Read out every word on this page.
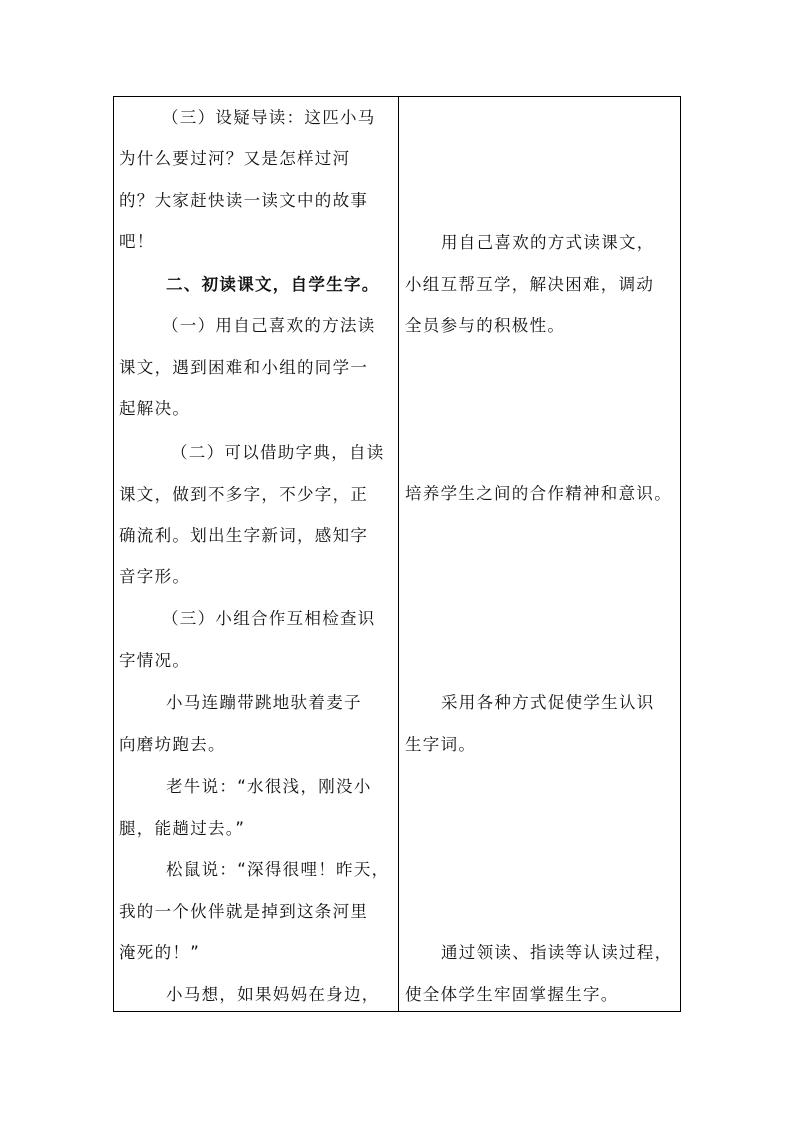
（三）设疑导读：这匹小马
为什么要过河？又是怎样过河
的？大家赶快读一读文中的故事
吧！
二、初读课文，自学生字。
（一）用自己喜欢的方法读
课文，遇到困难和小组的同学一
起解决。
（二）可以借助字典，自读
课文，做到不多字，不少字，正
确流利。划出生字新词，感知字
音字形。
（三）小组合作互相检查识
字情况。
小马连蹦带跳地驮着麦子
向磨坊跑去。
老牛说：“水很浅，刚没小
腿，能趟过去。”
松鼠说：“深得很哩！昨天，
我的一个伙伴就是掉到这条河里
淹死的！”
小马想，如果妈妈在身边，
用自己喜欢的方式读课文，
小组互帮互学，解决困难，调动
全员参与的积极性。
培养学生之间的合作精神和意识。
采用各种方式促使学生认识
生字词。
通过领读、指读等认读过程，
使全体学生牢固掌握生字。
